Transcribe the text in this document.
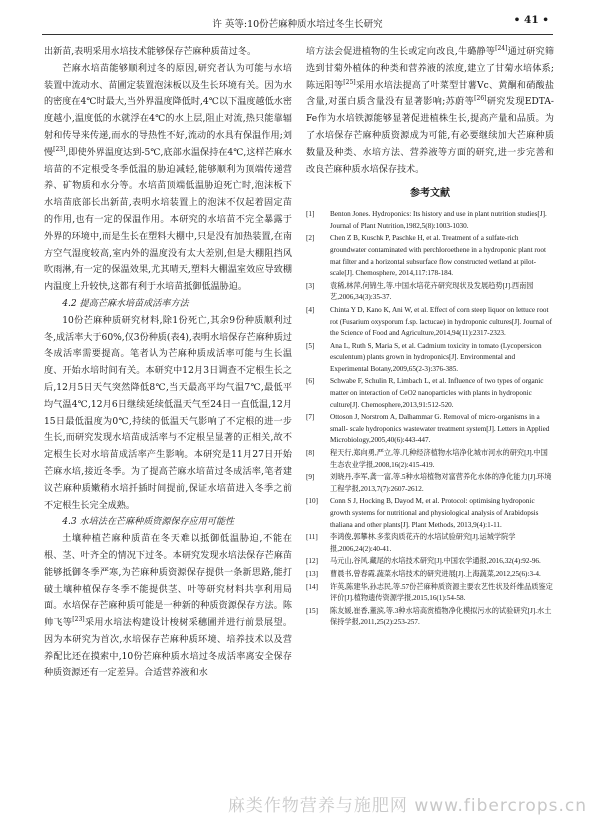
许 英等:10份芒麻种质水培过冬生长研究	• 41 •

出新苗,表明采用水培技术能够保存芒麻种质苗过冬。

芒麻水培苗能够顺利过冬的原因,研究者认为可能与水培装置中流动水、苗圃定装置泡沫板以及生长环境有关。因为水的密度在4℃时最大,当外界温度降低时,4℃以下温度越低水密度越小,温度低的水就浮在4℃的水上层,阻止对流,热只能靠辐射和传导来传递,而水的导热性不好,流动的水具有保温作用;刘慢[23],即使外界温度达到-5℃,底部水温保持在4℃,这样芒麻水培苗的不定根受冬季低温的胁迫减轻,能够顺利为顶端传递营养、矿物质和水分等。水培苗顶端低温胁迫死亡时,泡沫板下水培苗底部长出新苗,表明水培装置上的泡沫不仅起着固定苗的作用,也有一定的保温作用。本研究的水培苗不完全暴露于外界的环境中,而是生长在塑料大棚中,只是没有加热装置,在南方空气湿度较高,室内外的温度没有太大差别,但是大棚阻挡风吹雨淋,有一定的保温效果,尤其晴天,塑料大棚温室效应导致棚内温度上升较快,这都有利于水培苗抵御低温胁迫。

4.2 提高芒麻水培苗成活率方法

10份芒麻种质研究材料,除1份死亡,其余9份种质顺利过冬,成活率大于60%,仅3份种质(表4),表明水培保存芒麻种质过冬成活率需要提高。笔者认为芒麻种质成活率可能与生长温度、开始水培时间有关。本研究中12月3日调查不定根生长之后,12月5日天气突然降低8℃,当天最高平均气温7℃,最低平均气温4℃,12月6日继续延续低温天气至24日一直低温,12月15日最低温度为0℃,持续的低温天气影响了不定根的进一步生长,而研究发现水培苗成活率与不定根呈显著的正相关,故不定根生长对水培苗成活率产生影响。本研究是11月27日开始芒麻水培,接近冬季。为了提高芒麻水培苗过冬成活率,笔者建议芒麻种质嫩稍水培扦插时间提前,保证水培苗进入冬季之前不定根生长完全成熟。

4.3 水培法在芒麻种质资源保存应用可能性

土壤种植芒麻种质苗在冬天难以抵御低温胁迫,不能在根、茎、叶齐全的情况下过冬。本研究发现水培法保存芒麻苗能够抵御冬季严寒,为芒麻种质资源保存提供一条新思路,能打破土壤种植保存冬季不能提供茎、叶等研究材料共享利用局面。水培保存芒麻种质可能是一种新的种质资源保存方法。陈帅飞等[23]采用水培法构建设计梭树采穗圃并进行前景展望。因为本研究为首次,水培保存芒麻种质环境、培养技术以及营养配比还在摸索中,10份芒麻种质水培过冬成活率离安全保存种质资源还有一定差异。合适营养液和水

培方法会促进植物的生长或定向改良,牛璐静等[24]通过研究筛选到甘菊外植体的种类和营养液的浓度,建立了甘菊水培体系;陈远阳等[25]采用水培法提高了叶菜型甘薯Vc、黄酮和硝酸盐含量,对蛋白质含量没有显著影响;苏蔚等[26]研究发现EDTA-Fe作为水培铁源能够显著促进植株生长,提高产量和品质。为了水培保存芒麻种质资源成为可能,有必要继续加大芒麻种质数量及种类、水培方法、营养液等方面的研究,进一步完善和改良芒麻种质水培保存技术。

参考文献
[1]	Benton Jones. Hydroponics: Its history and use in plant nutrition studies[J]. Journal of Plant Nutrition,1982,5(8):1003-1030.
[2]	Chen Z B, Kuschk P, Paschke H, et al. Treatment of a sulfate-rich groundwater contaminated with perchloroethene in a hydroponic plant root mat filter and a horizontal subsurface flow constructed wetland at pilot-scale[J]. Chemosphere, 2014,117:178-184.
[3]	袁稀,林萍,何锦生,等.中国水培花卉研究现状及发展趋势[J].西南园艺,2006,34(3):35-37.
[4]	Chinta Y D, Kano K, Ani W, et al. Effect of corn steep liquor on lettuce root rot (Fusarium oxysporum f.sp. lactucae) in hydroponic cultures[J]. Journal of the Science of Food and Agriculture,2014,94(11):2317-2323.
[5]	Ana L, Ruth S, Maria S, et al. Cadmium toxicity in tomato (Lycopersicon esculentum) plants grown in hydroponics[J]. Environmental and Experimental Botany,2009,65(2-3):376-385.
[6]	Schwabe F, Schulin R, Limbach L, et al. Influence of two types of organic matter on interaction of CeO2 nanoparticles with plants in hydroponic culture[J]. Chemosphere,2013,91:512-520.
[7]	Ottoson J, Norstrom A, Dalhammar G. Removal of micro-organisms in a small- scale hydroponics wastewater treatment system[J]. Letters in Applied Microbiology,2005,40(6):443-447.
[8]	程天行,郑向勇,严立,等.几种经济植物水培净化城市河水的研究[J].中国生态农业学报,2008,16(2):415-419.
[9]	刘晓丹,李军,龚一富,等.5种水培植物对富营养化水体的净化能力[J].环境工程学报,2013,7(7):2607-2612.
[10]	Conn S J, Hocking B, Dayod M, et al. Protocol: optimising hydroponic growth systems for nutritional and physiological analysis of Arabidopsis thaliana and other plants[J]. Plant Methods, 2013,9(4):1-11.
[11]	李鸿俊,郭攀林.多浆肉质花卉的水培试验研究[J].运城学院学报,2006,24(2):40-41.
[12]	马元山,谷风.藏尾的水培技术研究[J].中国农学通报,2016,32(4):92-96.
[13]	曹晨书,曾春霞.蔬菜水培技术的研究进展[J].上海蔬菜,2012,25(6):3-4.
[14]	许英,陈建华,孙志民,等.57份芒麻种质资源主要农艺性状及纤维品质鉴定评价[J].植物遗传资源学报,2015,16(1):54-58.
[15]	陈友媛,崔香,董滨,等.3种水培高赏植物净化模拟污水的试验研究[J].水土保持学报,2011,25(2):253-257.
麻类作物营养与施肥网 www.fibercrops.cn
